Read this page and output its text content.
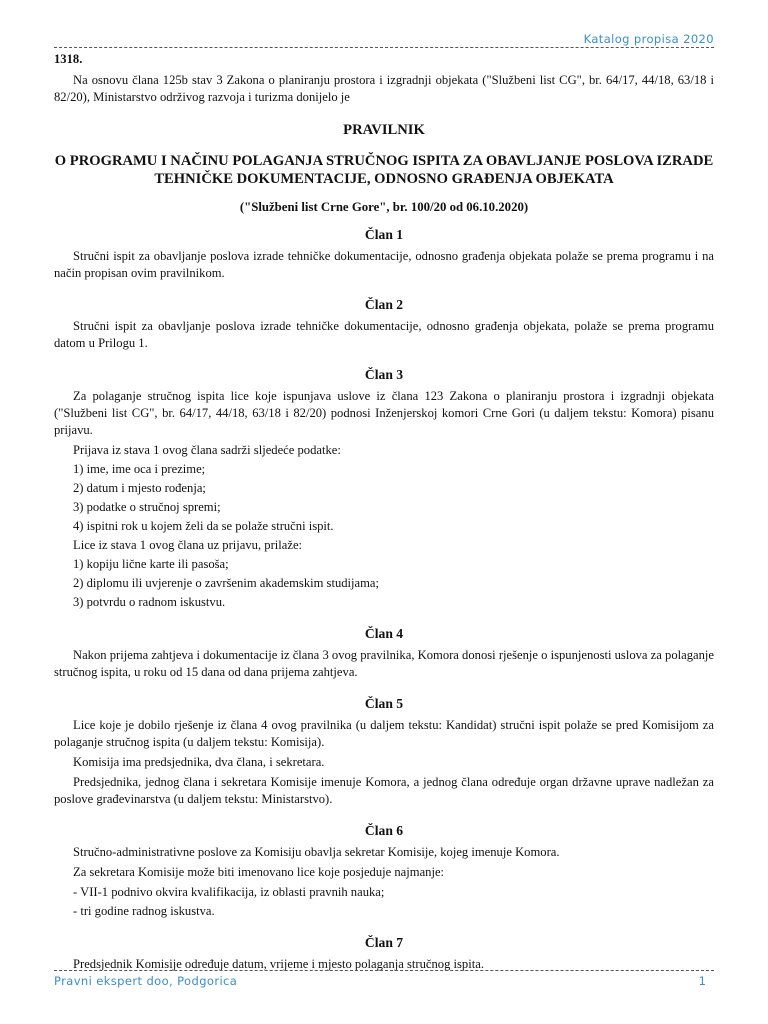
Katalog propisa 2020

1318.

Na osnovu člana 125b stav 3 Zakona o planiranju prostora i izgradnji objekata ("Službeni list CG", br. 64/17, 44/18, 63/18 i 82/20), Ministarstvo održivog razvoja i turizma donijelo je

PRAVILNIK

O PROGRAMU I NAČINU POLAGANJA STRUČNOG ISPITA ZA OBAVLJANJE POSLOVA IZRADE TEHNIČKE DOKUMENTACIJE, ODNOSNO GRAĐENJA OBJEKATA

("Službeni list Crne Gore", br. 100/20 od 06.10.2020)

Član 1

Stručni ispit za obavljanje poslova izrade tehničke dokumentacije, odnosno građenja objekata polaže se prema programu i na način propisan ovim pravilnikom.

Član 2

Stručni ispit za obavljanje poslova izrade tehničke dokumentacije, odnosno građenja objekata, polaže se prema programu datom u Prilogu 1.

Član 3

Za polaganje stručnog ispita lice koje ispunjava uslove iz člana 123 Zakona o planiranju prostora i izgradnji objekata ("Službeni list CG", br. 64/17, 44/18, 63/18 i 82/20) podnosi Inženjerskoj komori Crne Gori (u daljem tekstu: Komora) pisanu prijavu.

Prijava iz stava 1 ovog člana sadrži sljedeće podatke:

1) ime, ime oca i prezime;

2) datum i mjesto rođenja;

3) podatke o stručnoj spremi;

4) ispitni rok u kojem želi da se polaže stručni ispit.

Lice iz stava 1 ovog člana uz prijavu, prilaže:

1) kopiju lične karte ili pasoša;

2) diplomu ili uvjerenje o završenim akademskim studijama;

3) potvrdu o radnom iskustvu.

Član 4

Nakon prijema zahtjeva i dokumentacije iz člana 3 ovog pravilnika, Komora donosi rješenje o ispunjenosti uslova za polaganje stručnog ispita, u roku od 15 dana od dana prijema zahtjeva.

Član 5

Lice koje je dobilo rješenje iz člana 4 ovog pravilnika (u daljem tekstu: Kandidat) stručni ispit polaže se pred Komisijom za polaganje stručnog ispita (u daljem tekstu: Komisija).

Komisija ima predsjednika, dva člana, i sekretara.

Predsjednika, jednog člana i sekretara Komisije imenuje Komora, a jednog člana određuje organ državne uprave nadležan za poslove građevinarstva (u daljem tekstu: Ministarstvo).

Član 6

Stručno-administrativne poslove za Komisiju obavlja sekretar Komisije, kojeg imenuje Komora.

Za sekretara Komisije može biti imenovano lice koje posjeduje najmanje:

- VII-1 podnivo okvira kvalifikacija, iz oblasti pravnih nauka;

- tri godine radnog iskustva.

Član 7

Predsjednik Komisije određuje datum, vrijeme i mjesto polaganja stručnog ispita.

Pravni ekspert doo, Podgorica	1
